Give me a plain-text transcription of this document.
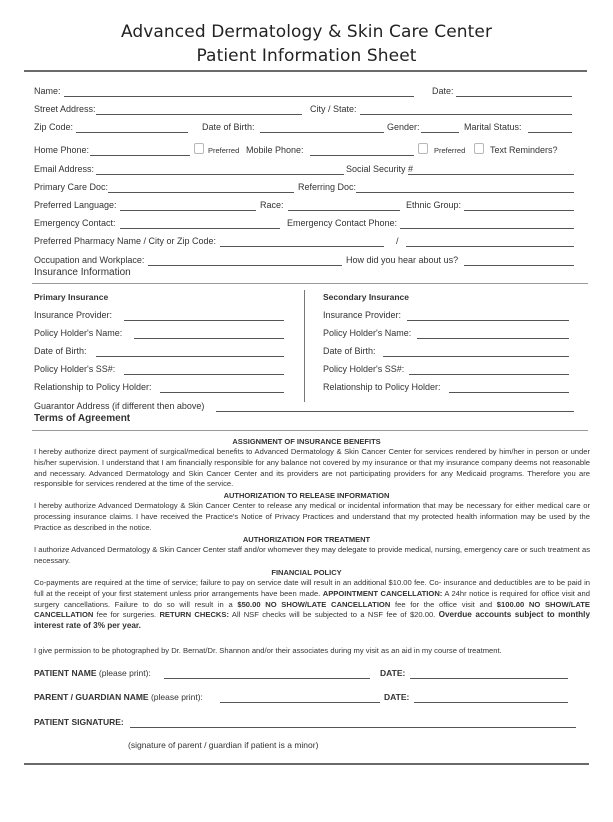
Advanced Dermatology & Skin Care Center
Patient Information Sheet
Name:	Date:
Street Address:	City / State:
Zip Code:	Date of Birth:	Gender:	Marital Status:
Home Phone:	Preferred Mobile Phone:	Preferred	Text Reminders?
Email Address:	Social Security #
Primary Care Doc:	Referring Doc:
Preferred Language:	Race:	Ethnic Group:
Emergency Contact:	Emergency Contact Phone:
Preferred Pharmacy Name / City or Zip Code:	/
Occupation and Workplace:	How did you hear about us?
Insurance Information
Primary Insurance
Insurance Provider:
Policy Holder's Name:
Date of Birth:
Policy Holder's SS#:
Relationship to Policy Holder:
Secondary Insurance
Insurance Provider:
Policy Holder's Name:
Date of Birth:
Policy Holder's SS#:
Relationship to Policy Holder:
Guarantor Address (if different then above)
Terms of Agreement
ASSIGNMENT OF INSURANCE BENEFITS
I hereby authorize direct payment of surgical/medical benefits to Advanced Dermatology & Skin Cancer Center for services rendered by him/her in person or under his/her supervision. I understand that I am financially responsible for any balance not covered by my insurance or that my insurance company deems not reasonable and necessary. Advanced Dermatology and Skin Cancer Center and its providers are not participating providers for any Medicaid programs. Therefore you are responsible for services rendered at the time of the service.
AUTHORIZATION TO RELEASE INFORMATION
I hereby authorize Advanced Dermatology & Skin Cancer Center to release any medical or incidental information that may be necessary for either medical care or processing insurance claims. I have received the Practice's Notice of Privacy Practices and understand that my protected health information may be used by the Practice as described in the notice.
AUTHORIZATION FOR TREATMENT
I authorize Advanced Dermatology & Skin Cancer Center staff and/or whomever they may delegate to provide medical, nursing, emergency care or such treatment as necessary.
FINANCIAL POLICY
Co-payments are required at the time of service; failure to pay on service date will result in an additional $10.00 fee. Co- insurance and deductibles are to be paid in full at the receipt of your first statement unless prior arrangements have been made. APPOINTMENT CANCELLATION: A 24hr notice is required for office visit and surgery cancellations. Failure to do so will result in a $50.00 NO SHOW/LATE CANCELLATION fee for the office visit and $100.00 NO SHOW/LATE CANCELLATION fee for surgeries. RETURN CHECKS: All NSF checks will be subjected to a NSF fee of $20.00. Overdue accounts subject to monthly interest rate of 3% per year.
I give permission to be photographed by Dr. Bernat/Dr. Shannon and/or their associates during my visit as an aid in my course of treatment.
PATIENT NAME (please print):	DATE:
PARENT / GUARDIAN NAME (please print):	DATE:
PATIENT SIGNATURE:
(signature of parent / guardian if patient is a minor)
